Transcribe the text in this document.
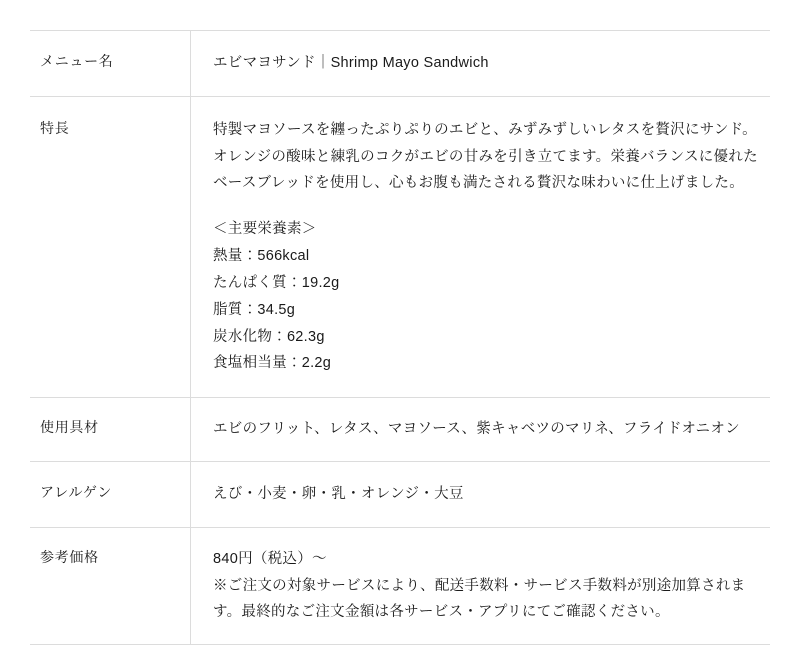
メニュー名	エビマヨサンド｜Shrimp Mayo Sandwich
特長	特製マヨソースを纏ったぷりぷりのエビと、みずみずしいレタスを贅沢にサンド。オレンジの酸味と練乳のコクがエビの甘みを引き立てます。栄養バランスに優れたベースブレッドを使用し、心もお腹も満たされる贅沢な味わいに仕上げました。

＜主要栄養素＞

熱量：566kcal

たんぱく質：19.2g

脂質：34.5g

炭水化物：62.3g

食塩相当量：2.2g

使用具材	エビのフリット、レタス、マヨソース、紫キャベツのマリネ、フライドオニオン
アレルゲン	えび・小麦・卵・乳・オレンジ・大豆
参考価格	840円（税込）〜

※ご注文の対象サービスにより、配送手数料・サービス手数料が別途加算されます。最終的なご注文金額は各サービス・アプリにてご確認ください。
